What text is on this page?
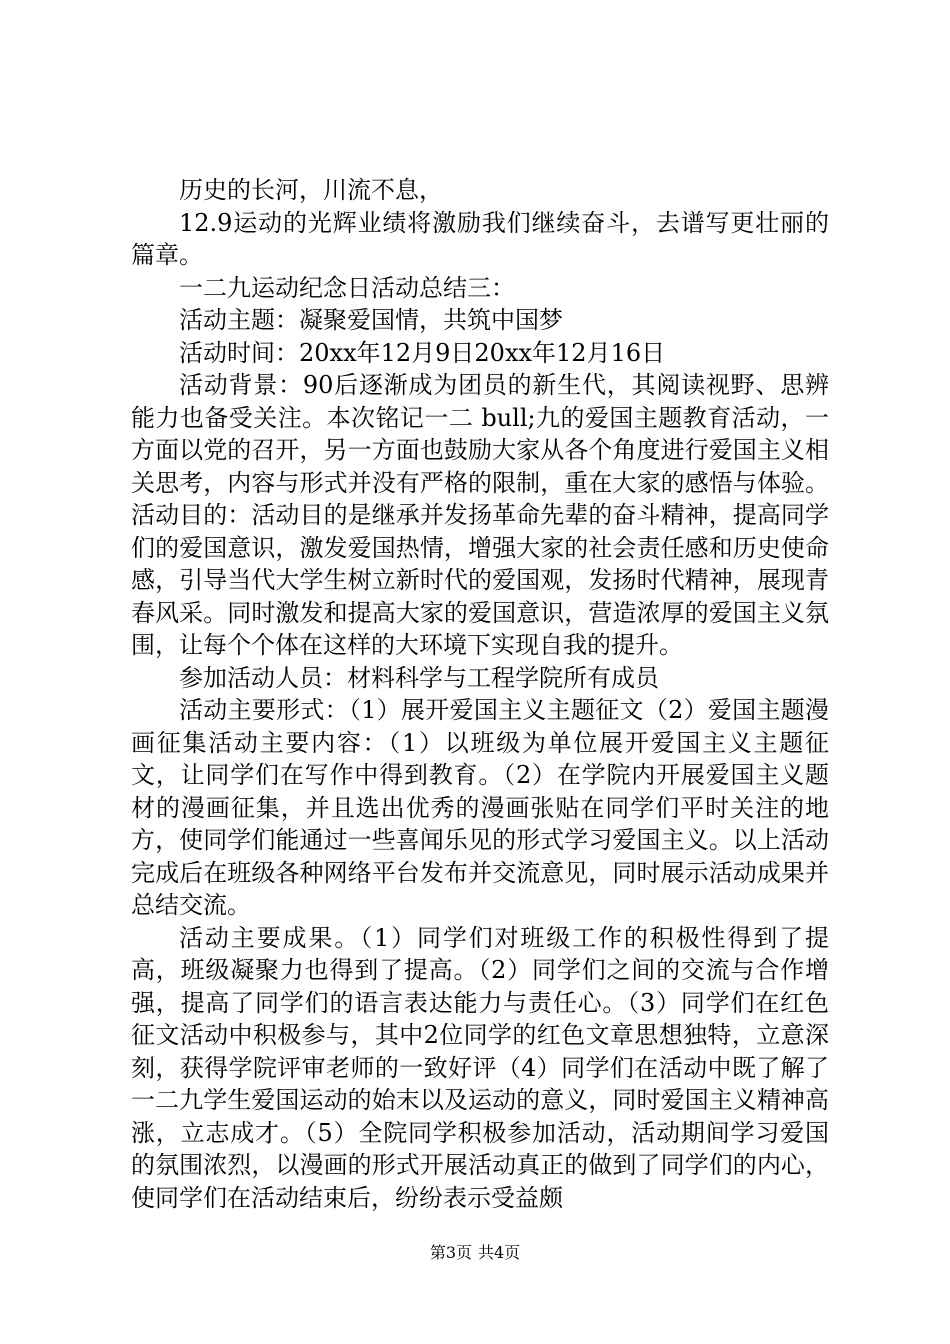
历史的长河，川流不息，

12.9运动的光辉业绩将激励我们继续奋斗，去谱写更壮丽的篇章。

一二九运动纪念日活动总结三：

活动主题：凝聚爱国情，共筑中国梦

活动时间：20xx年12月9日20xx年12月16日

活动背景：90后逐渐成为团员的新生代，其阅读视野、思辨能力也备受关注。本次铭记一二 bull;九的爱国主题教育活动，一方面以党的召开，另一方面也鼓励大家从各个角度进行爱国主义相关思考，内容与形式并没有严格的限制，重在大家的感悟与体验。活动目的：活动目的是继承并发扬革命先辈的奋斗精神，提高同学们的爱国意识，激发爱国热情，增强大家的社会责任感和历史使命感，引导当代大学生树立新时代的爱国观，发扬时代精神，展现青春风采。同时激发和提高大家的爱国意识，营造浓厚的爱国主义氛围，让每个个体在这样的大环境下实现自我的提升。

参加活动人员：材料科学与工程学院所有成员

活动主要形式：（1）展开爱国主义主题征文（2）爱国主题漫画征集活动主要内容：（1）以班级为单位展开爱国主义主题征文，让同学们在写作中得到教育。（2）在学院内开展爱国主义题材的漫画征集，并且选出优秀的漫画张贴在同学们平时关注的地方，使同学们能通过一些喜闻乐见的形式学习爱国主义。以上活动完成后在班级各种网络平台发布并交流意见，同时展示活动成果并总结交流。

活动主要成果。（1）同学们对班级工作的积极性得到了提高，班级凝聚力也得到了提高。（2）同学们之间的交流与合作增强，提高了同学们的语言表达能力与责任心。（3）同学们在红色征文活动中积极参与，其中2位同学的红色文章思想独特，立意深刻，获得学院评审老师的一致好评（4）同学们在活动中既了解了一二九学生爱国运动的始末以及运动的意义，同时爱国主义精神高涨，立志成才。（5）全院同学积极参加活动，活动期间学习爱国的氛围浓烈，以漫画的形式开展活动真正的做到了同学们的内心，使同学们在活动结束后，纷纷表示受益颇

第3页 共4页
